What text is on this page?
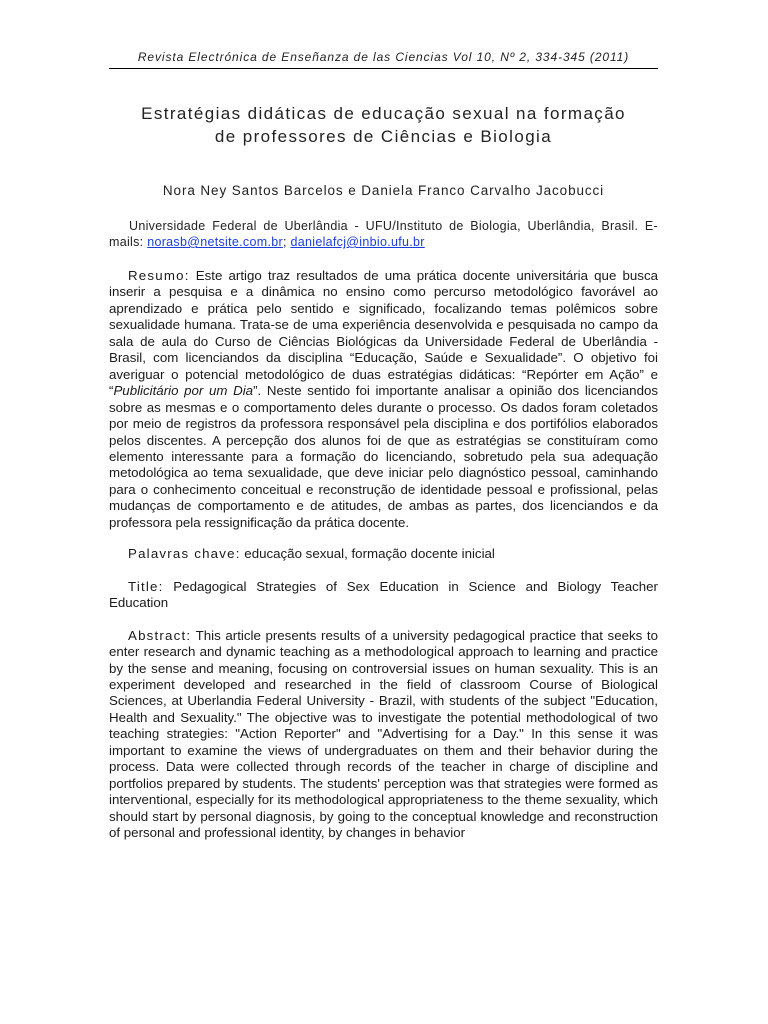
Revista Electrónica de Enseñanza de las Ciencias Vol 10, Nº 2, 334-345 (2011)
Estratégias didáticas de educação sexual na formação
de professores de Ciências e Biologia
Nora Ney Santos Barcelos e Daniela Franco Carvalho Jacobucci
Universidade Federal de Uberlândia - UFU/Instituto de Biologia, Uberlândia, Brasil. E-mails: norasb@netsite.com.br; danielafcj@inbio.ufu.br
Resumo: Este artigo traz resultados de uma prática docente universitária que busca inserir a pesquisa e a dinâmica no ensino como percurso metodológico favorável ao aprendizado e prática pelo sentido e significado, focalizando temas polêmicos sobre sexualidade humana. Trata-se de uma experiência desenvolvida e pesquisada no campo da sala de aula do Curso de Ciências Biológicas da Universidade Federal de Uberlândia - Brasil, com licenciandos da disciplina “Educação, Saúde e Sexualidade”. O objetivo foi averiguar o potencial metodológico de duas estratégias didáticas: “Repórter em Ação” e “Publicitário por um Dia”. Neste sentido foi importante analisar a opinião dos licenciandos sobre as mesmas e o comportamento deles durante o processo. Os dados foram coletados por meio de registros da professora responsável pela disciplina e dos portifólios elaborados pelos discentes. A percepção dos alunos foi de que as estratégias se constituíram como elemento interessante para a formação do licenciando, sobretudo pela sua adequação metodológica ao tema sexualidade, que deve iniciar pelo diagnóstico pessoal, caminhando para o conhecimento conceitual e reconstrução de identidade pessoal e profissional, pelas mudanças de comportamento e de atitudes, de ambas as partes, dos licenciandos e da professora pela ressignificação da prática docente.
Palavras chave: educação sexual, formação docente inicial
Title: Pedagogical Strategies of Sex Education in Science and Biology Teacher Education
Abstract: This article presents results of a university pedagogical practice that seeks to enter research and dynamic teaching as a methodological approach to learning and practice by the sense and meaning, focusing on controversial issues on human sexuality. This is an experiment developed and researched in the field of classroom Course of Biological Sciences, at Uberlandia Federal University - Brazil, with students of the subject "Education, Health and Sexuality." The objective was to investigate the potential methodological of two teaching strategies: "Action Reporter" and "Advertising for a Day." In this sense it was important to examine the views of undergraduates on them and their behavior during the process. Data were collected through records of the teacher in charge of discipline and portfolios prepared by students. The students' perception was that strategies were formed as interventional, especially for its methodological appropriateness to the theme sexuality, which should start by personal diagnosis, by going to the conceptual knowledge and reconstruction of personal and professional identity, by changes in behavior
